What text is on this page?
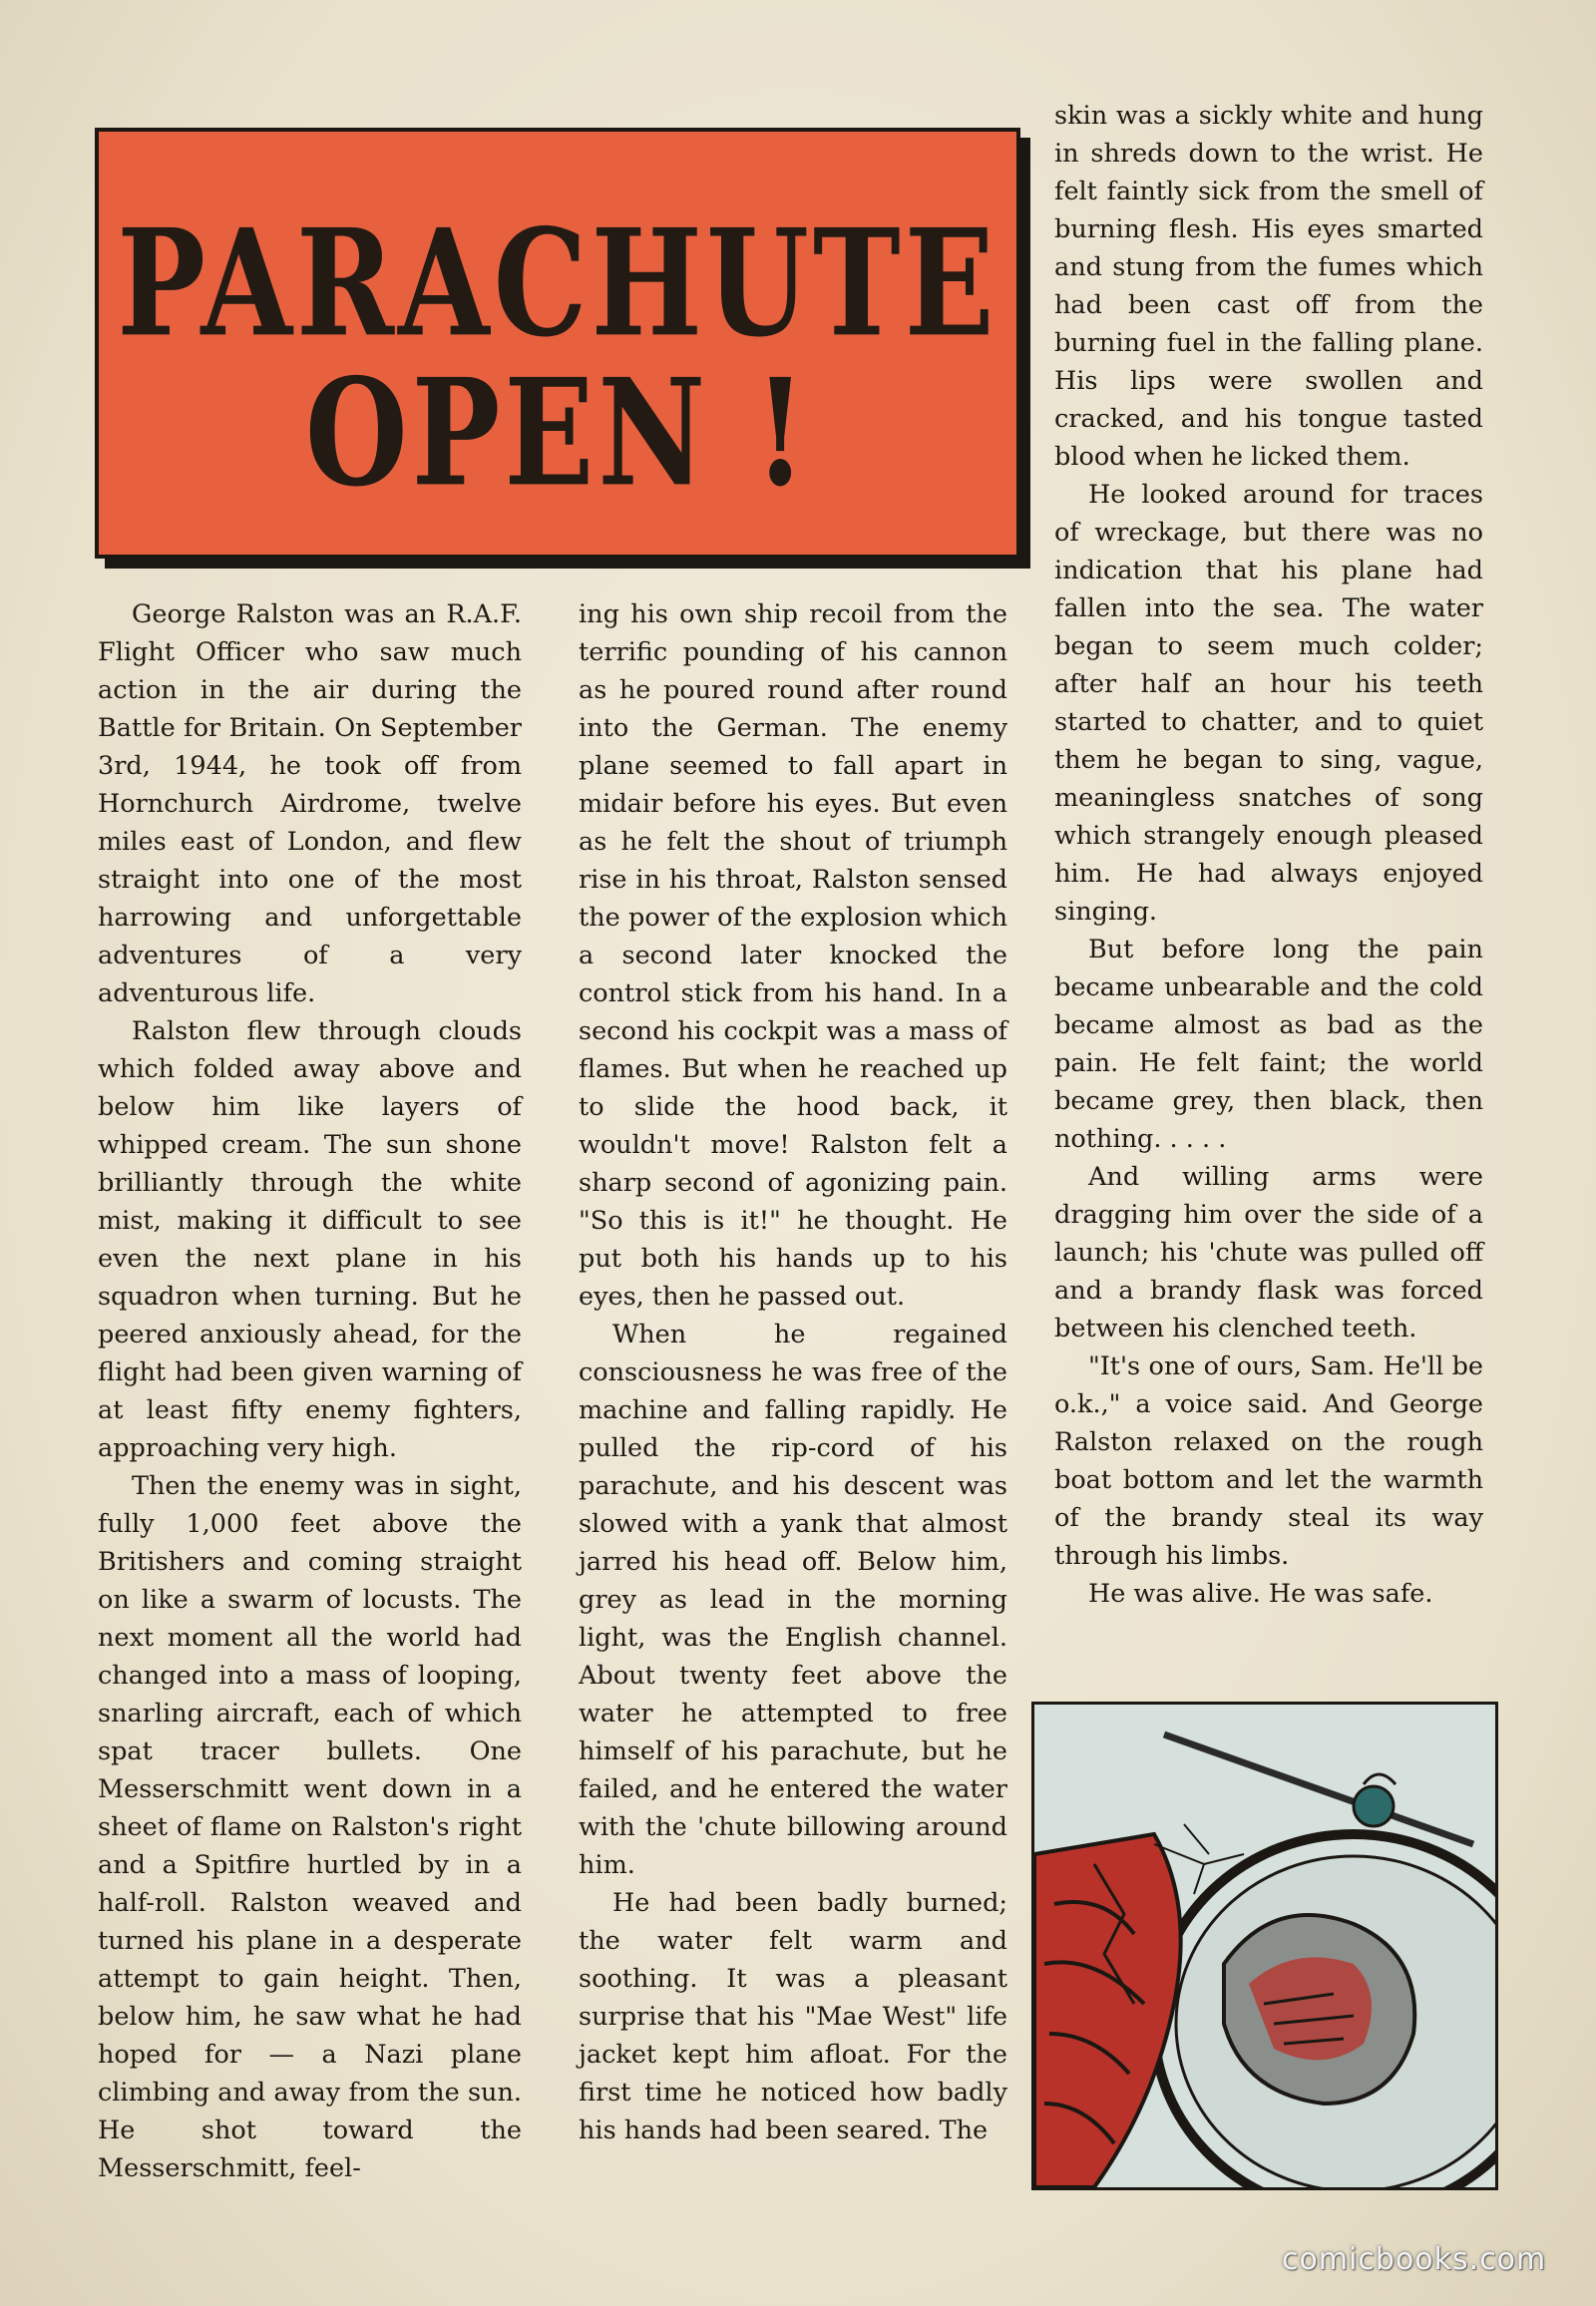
PARACHUTE
OPEN !

George Ralston was an R.A.F. Flight Officer who saw much action in the air during the Battle for Britain. On September 3rd, 1944, he took off from Hornchurch Airdrome, twelve miles east of London, and flew straight into one of the most harrowing and unforgettable adventures of a very adventurous life.

Ralston flew through clouds which folded away above and below him like layers of whipped cream. The sun shone brilliantly through the white mist, making it difficult to see even the next plane in his squadron when turning. But he peered anxiously ahead, for the flight had been given warning of at least fifty enemy fighters, approaching very high.

Then the enemy was in sight, fully 1,000 feet above the Britishers and coming straight on like a swarm of locusts. The next moment all the world had changed into a mass of looping, snarling aircraft, each of which spat tracer bullets. One Messerschmitt went down in a sheet of flame on Ralston's right and a Spitfire hurtled by in a half-roll. Ralston weaved and turned his plane in a desperate attempt to gain height. Then, below him, he saw what he had hoped for — a Nazi plane climbing and away from the sun. He shot toward the Messerschmitt, feel-

ing his own ship recoil from the terrific pounding of his cannon as he poured round after round into the German. The enemy plane seemed to fall apart in midair before his eyes. But even as he felt the shout of triumph rise in his throat, Ralston sensed the power of the explosion which a second later knocked the control stick from his hand. In a second his cockpit was a mass of flames. But when he reached up to slide the hood back, it wouldn't move! Ralston felt a sharp second of agonizing pain. "So this is it!" he thought. He put both his hands up to his eyes, then he passed out.

When he regained consciousness he was free of the machine and falling rapidly. He pulled the rip-cord of his parachute, and his descent was slowed with a yank that almost jarred his head off. Below him, grey as lead in the morning light, was the English channel. About twenty feet above the water he attempted to free himself of his parachute, but he failed, and he entered the water with the 'chute billowing around him.

He had been badly burned; the water felt warm and soothing. It was a pleasant surprise that his "Mae West" life jacket kept him afloat. For the first time he noticed how badly his hands had been seared. The

skin was a sickly white and hung in shreds down to the wrist. He felt faintly sick from the smell of burning flesh. His eyes smarted and stung from the fumes which had been cast off from the burning fuel in the falling plane. His lips were swollen and cracked, and his tongue tasted blood when he licked them.

He looked around for traces of wreckage, but there was no indication that his plane had fallen into the sea. The water began to seem much colder; after half an hour his teeth started to chatter, and to quiet them he began to sing, vague, meaningless snatches of song which strangely enough pleased him. He had always enjoyed singing.

But before long the pain became unbearable and the cold became almost as bad as the pain. He felt faint; the world became grey, then black, then nothing. . . . .

And willing arms were dragging him over the side of a launch; his 'chute was pulled off and a brandy flask was forced between his clenched teeth.

"It's one of ours, Sam. He'll be o.k.," a voice said. And George Ralston relaxed on the rough boat bottom and let the warmth of the brandy steal its way through his limbs.

He was alive. He was safe.

comicbooks.com
